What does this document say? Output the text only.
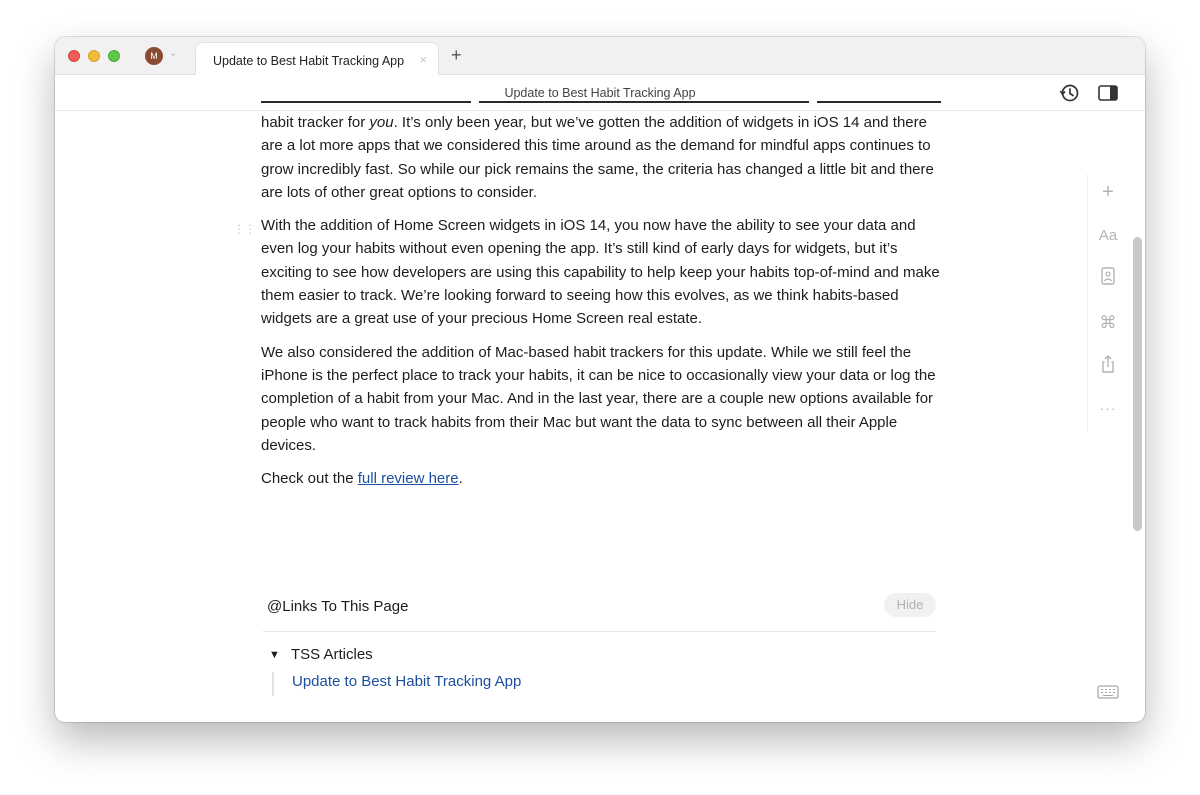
M	⌄
Update to Best Habit Tracking App × +
Update to Best Habit Tracking App
⋮⋮

habit tracker for you. It’s only been year, but we’ve gotten the addition of widgets in iOS 14 and there are a lot more apps that we considered this time around as the demand for mindful apps continues to grow incredibly fast. So while our pick remains the same, the criteria has changed a little bit and there are lots of other great options to consider.

With the addition of Home Screen widgets in iOS 14, you now have the ability to see your data and even log your habits without even opening the app. It’s still kind of early days for widgets, but it’s exciting to see how developers are using this capability to help keep your habits top-of-mind and make them easier to track. We’re looking forward to seeing how this evolves, as we think habits-based widgets are a great use of your precious Home Screen real estate.

We also considered the addition of Mac-based habit trackers for this update. While we still feel the iPhone is the perfect place to track your habits, it can be nice to occasionally view your data or log the completion of a habit from your Mac. And in the last year, there are a couple new options available for people who want to track habits from their Mac but want the data to sync between all their Apple devices.

Check out the full review here.

@Links To This Page	Hide
▼ TSS Articles
Update to Best Habit Tracking App
+
Aa
⌘
···
